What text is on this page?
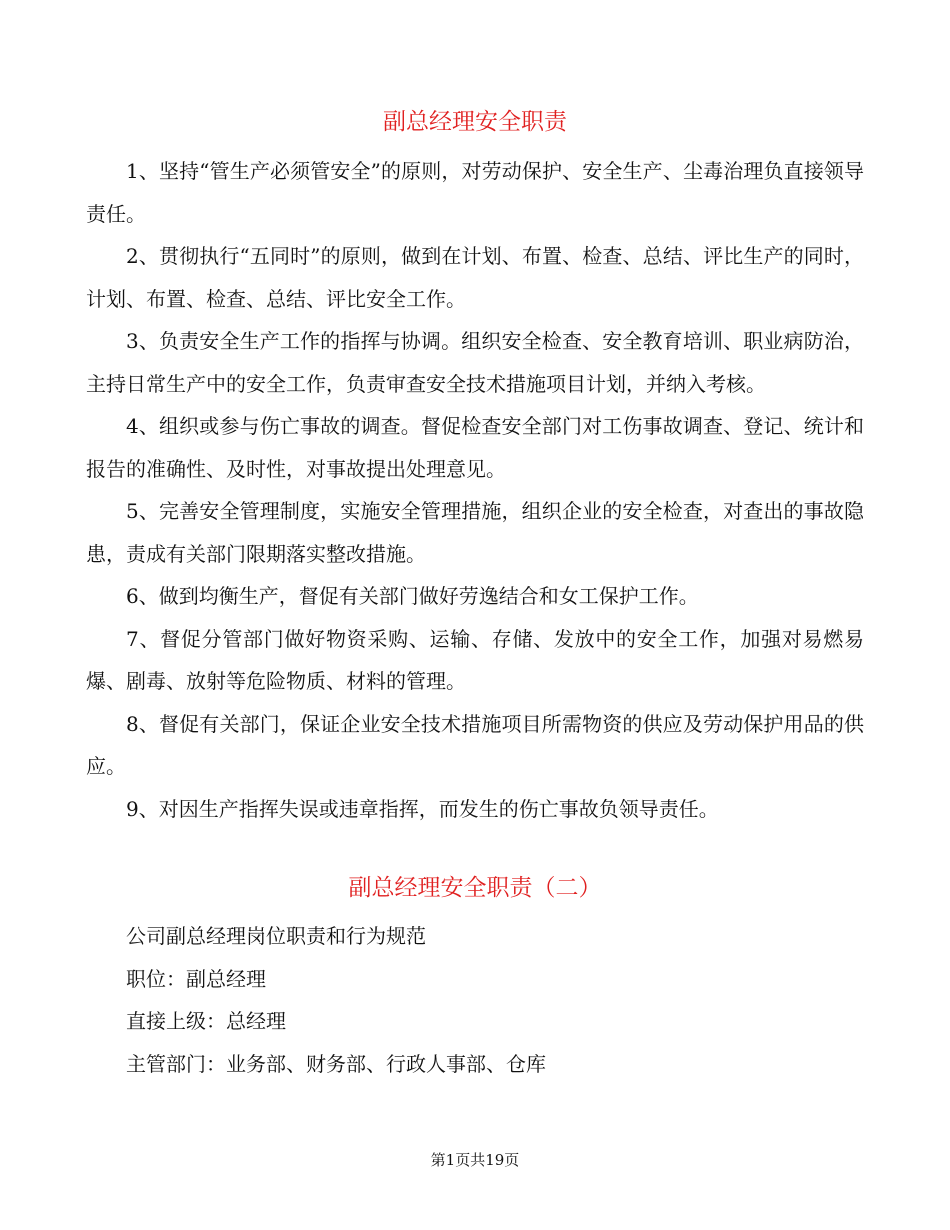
副总经理安全职责

1、坚持“管生产必须管安全”的原则，对劳动保护、安全生产、尘毒治理负直接领导责任。

2、贯彻执行“五同时”的原则，做到在计划、布置、检查、总结、评比生产的同时，计划、布置、检查、总结、评比安全工作。

3、负责安全生产工作的指挥与协调。组织安全检查、安全教育培训、职业病防治，主持日常生产中的安全工作，负责审查安全技术措施项目计划，并纳入考核。

4、组织或参与伤亡事故的调查。督促检查安全部门对工伤事故调查、登记、统计和报告的准确性、及时性，对事故提出处理意见。

5、完善安全管理制度，实施安全管理措施，组织企业的安全检查，对查出的事故隐患，责成有关部门限期落实整改措施。

6、做到均衡生产，督促有关部门做好劳逸结合和女工保护工作。

7、督促分管部门做好物资采购、运输、存储、发放中的安全工作，加强对易燃易爆、剧毒、放射等危险物质、材料的管理。

8、督促有关部门，保证企业安全技术措施项目所需物资的供应及劳动保护用品的供应。

9、对因生产指挥失误或违章指挥，而发生的伤亡事故负领导责任。

副总经理安全职责（二）

公司副总经理岗位职责和行为规范

职位：副总经理

直接上级：总经理

主管部门：业务部、财务部、行政人事部、仓库

第1页共19页
